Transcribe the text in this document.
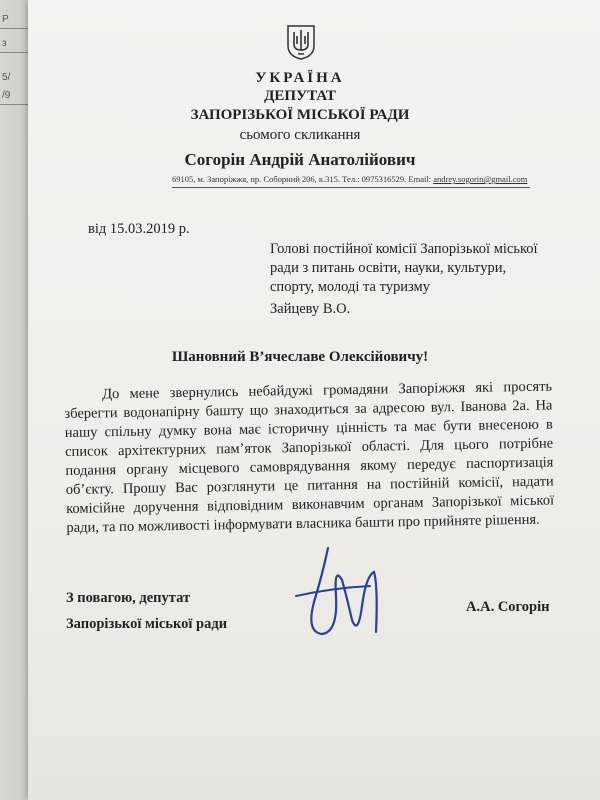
Р
з
5/
/9
УКРАЇНА
ДЕПУТАТ
ЗАПОРІЗЬКОЇ МІСЬКОЇ РАДИ
сьомого скликання
Согорін Андрій Анатолійович
69105, м. Запоріжжя, пр. Соборний 206, к.315. Тел.: 0975316529. Email: andrey.sogorin@gmail.com
від 15.03.2019 р.
Голові постійної комісії Запорізької міської ради з питань освіти, науки, культури, спорту, молоді та туризму
Зайцеву В.О.
Шановний В’ячеславе Олексійовичу!
До мене звернулись небайдужі громадяни Запоріжжя які просять зберегти водонапірну башту що знаходиться за адресою вул. Іванова 2а. На нашу спільну думку вона має історичну цінність та має бути внесеною в список архітектурних пам’яток Запорізької області. Для цього потрібне подання органу місцевого самоврядування якому передує паспортизація об’єкту. Прошу Вас розглянути це питання на постійній комісії, надати комісійне доручення відповідним виконавчим органам Запорізької міської ради, та по можливості інформувати власника башти про прийняте рішення.
З повагою, депутат
Запорізької міської ради
А.А. Согорін
